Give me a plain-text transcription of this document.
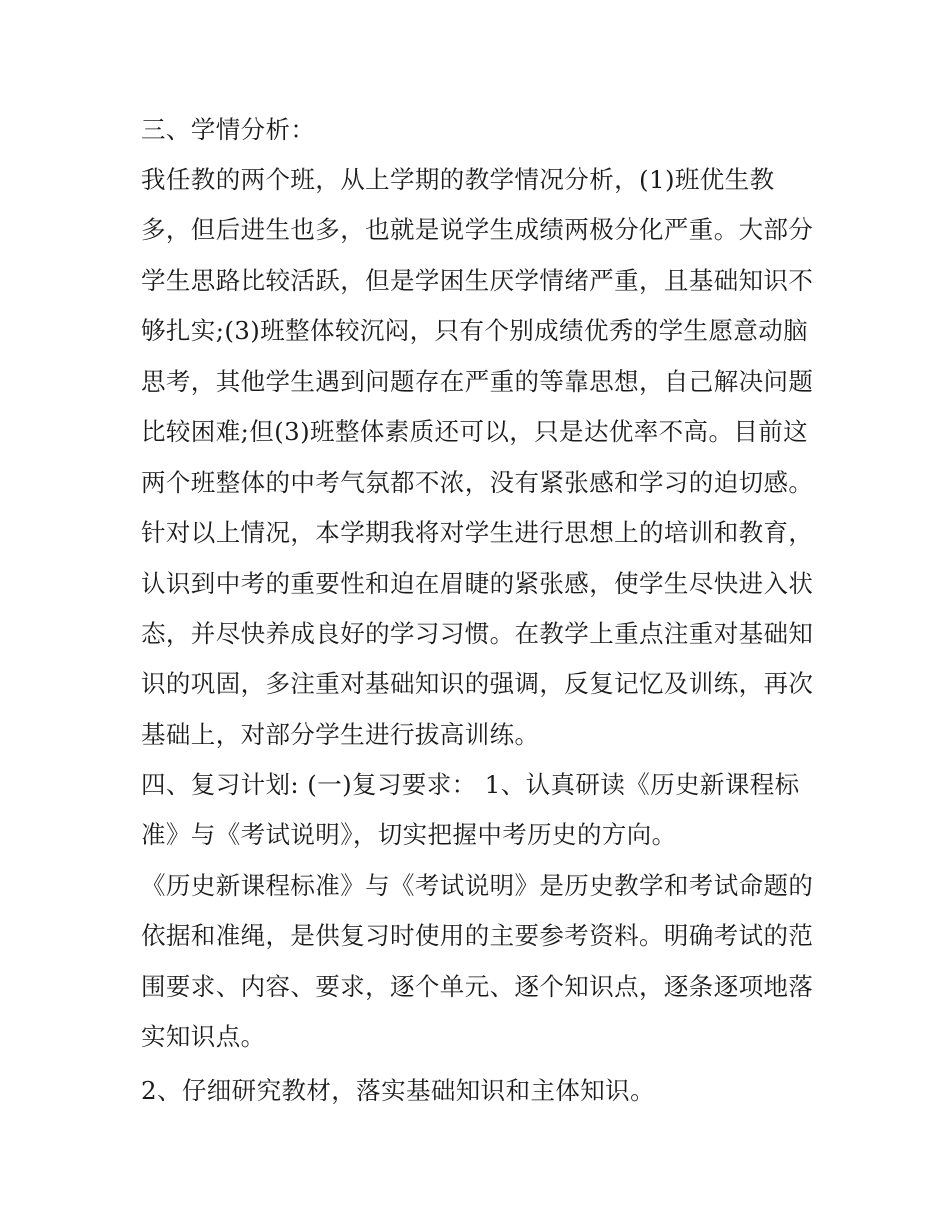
三、学情分析：
我任教的两个班，从上学期的教学情况分析，(1)班优生教
多，但后进生也多，也就是说学生成绩两极分化严重。大部分
学生思路比较活跃，但是学困生厌学情绪严重，且基础知识不
够扎实;(3)班整体较沉闷，只有个别成绩优秀的学生愿意动脑
思考，其他学生遇到问题存在严重的等靠思想，自己解决问题
比较困难;但(3)班整体素质还可以，只是达优率不高。目前这
两个班整体的中考气氛都不浓，没有紧张感和学习的迫切感。
针对以上情况，本学期我将对学生进行思想上的培训和教育，
认识到中考的重要性和迫在眉睫的紧张感，使学生尽快进入状
态，并尽快养成良好的学习习惯。在教学上重点注重对基础知
识的巩固，多注重对基础知识的强调，反复记忆及训练，再次
基础上，对部分学生进行拔高训练。
四、复习计划: (一)复习要求： 1、认真研读《历史新课程标
准》与《考试说明》，切实把握中考历史的方向。
《历史新课程标准》与《考试说明》是历史教学和考试命题的
依据和准绳，是供复习时使用的主要参考资料。明确考试的范
围要求、内容、要求，逐个单元、逐个知识点，逐条逐项地落
实知识点。
2、仔细研究教材，落实基础知识和主体知识。
